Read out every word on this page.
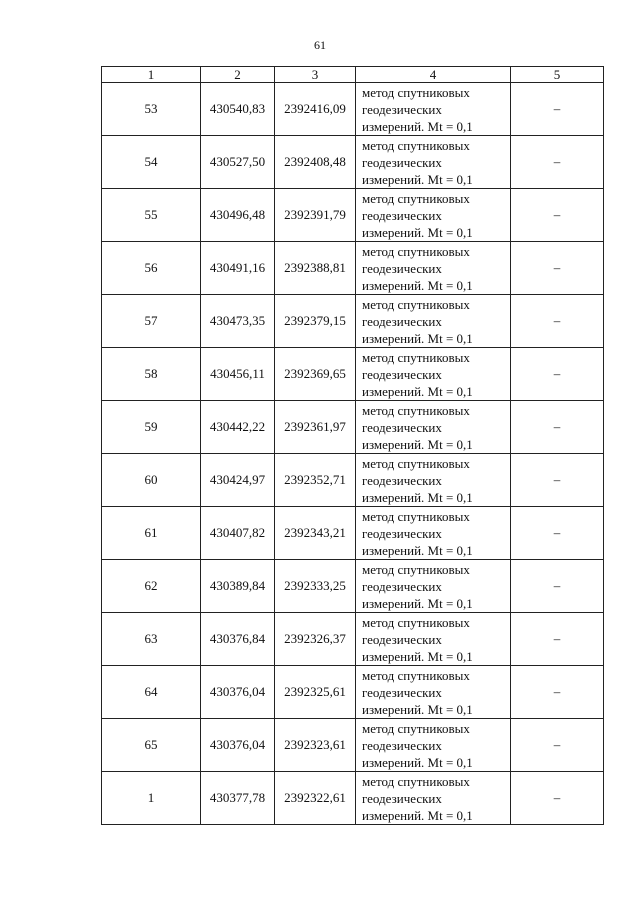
61
1	2	3	4	5
53	430540,83	2392416,09	метод спутниковых
геодезических
измерений. Mt = 0,1	–
54	430527,50	2392408,48	метод спутниковых
геодезических
измерений. Mt = 0,1	–
55	430496,48	2392391,79	метод спутниковых
геодезических
измерений. Mt = 0,1	–
56	430491,16	2392388,81	метод спутниковых
геодезических
измерений. Mt = 0,1	–
57	430473,35	2392379,15	метод спутниковых
геодезических
измерений. Mt = 0,1	–
58	430456,11	2392369,65	метод спутниковых
геодезических
измерений. Mt = 0,1	–
59	430442,22	2392361,97	метод спутниковых
геодезических
измерений. Mt = 0,1	–
60	430424,97	2392352,71	метод спутниковых
геодезических
измерений. Mt = 0,1	–
61	430407,82	2392343,21	метод спутниковых
геодезических
измерений. Mt = 0,1	–
62	430389,84	2392333,25	метод спутниковых
геодезических
измерений. Mt = 0,1	–
63	430376,84	2392326,37	метод спутниковых
геодезических
измерений. Mt = 0,1	–
64	430376,04	2392325,61	метод спутниковых
геодезических
измерений. Mt = 0,1	–
65	430376,04	2392323,61	метод спутниковых
геодезических
измерений. Mt = 0,1	–
1	430377,78	2392322,61	метод спутниковых
геодезических
измерений. Mt = 0,1	–
